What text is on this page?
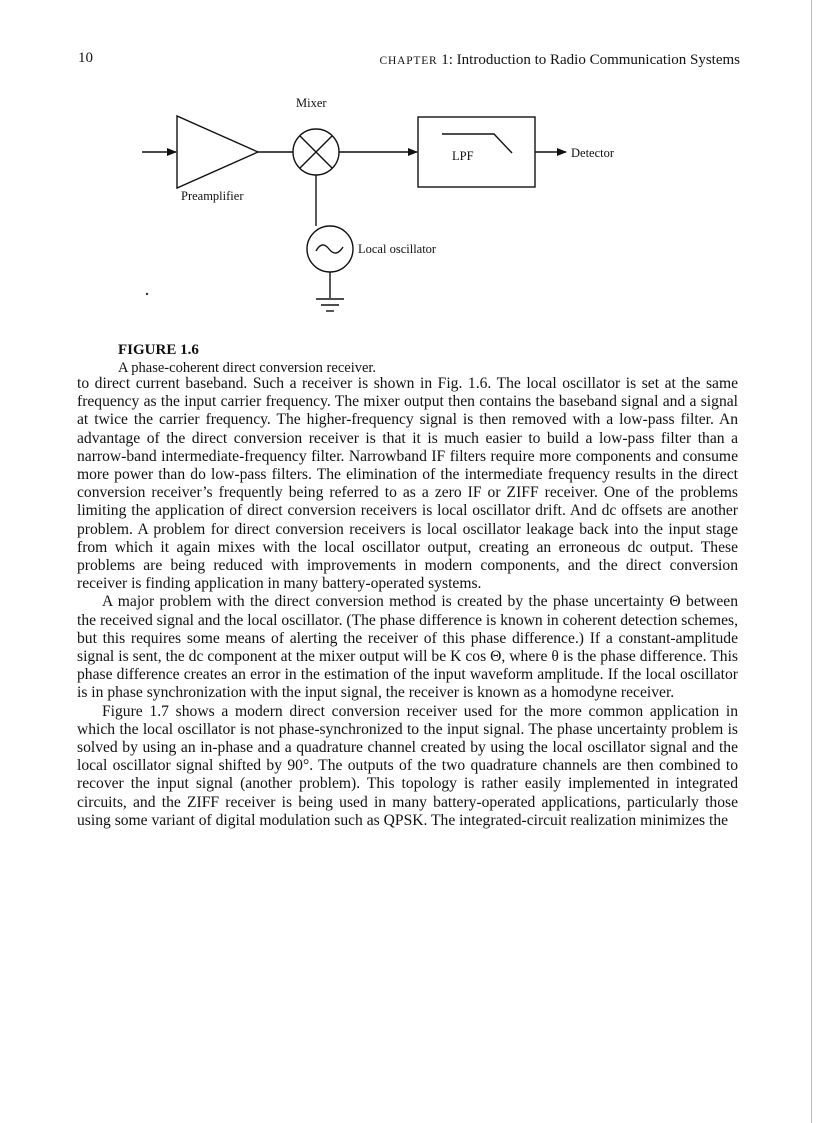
10	CHAPTER 1: Introduction to Radio Communication Systems
Mixer
LPF	Detector
Preamplifier
Local oscillator
FIGURE 1.6
A phase-coherent direct conversion receiver.

to direct current baseband. Such a receiver is shown in Fig. 1.6. The local oscillator is set at the same frequency as the input carrier frequency. The mixer output then contains the baseband signal and a signal at twice the carrier frequency. The higher-frequency signal is then removed with a low-pass filter. An advantage of the direct conversion receiver is that it is much easier to build a low-pass filter than a narrow-band intermediate-frequency filter. Narrowband IF filters require more components and consume more power than do low-pass filters. The elimination of the intermediate frequency results in the direct conversion receiver’s frequently being referred to as a zero IF or ZIFF receiver. One of the problems limiting the application of direct conversion receivers is local oscillator drift. And dc offsets are another problem. A problem for direct conversion receivers is local oscillator leakage back into the input stage from which it again mixes with the local oscillator output, creating an erroneous dc output. These problems are being reduced with improvements in modern components, and the direct conversion receiver is finding application in many battery-operated systems.

A major problem with the direct conversion method is created by the phase uncertainty Θ between the received signal and the local oscillator. (The phase difference is known in coherent detection schemes, but this requires some means of alerting the receiver of this phase difference.) If a constant-amplitude signal is sent, the dc component at the mixer output will be K cos Θ, where θ is the phase difference. This phase difference creates an error in the estimation of the input waveform amplitude. If the local oscillator is in phase synchronization with the input signal, the receiver is known as a homodyne receiver.

Figure 1.7 shows a modern direct conversion receiver used for the more common application in which the local oscillator is not phase-synchronized to the input signal. The phase uncertainty problem is solved by using an in-phase and a quadrature channel created by using the local oscillator signal and the local oscillator signal shifted by 90°. The outputs of the two quadrature channels are then combined to recover the input signal (another problem). This topology is rather easily implemented in integrated circuits, and the ZIFF receiver is being used in many battery-operated applications, particularly those using some variant of digital modulation such as QPSK. The integrated-circuit realization minimizes the
